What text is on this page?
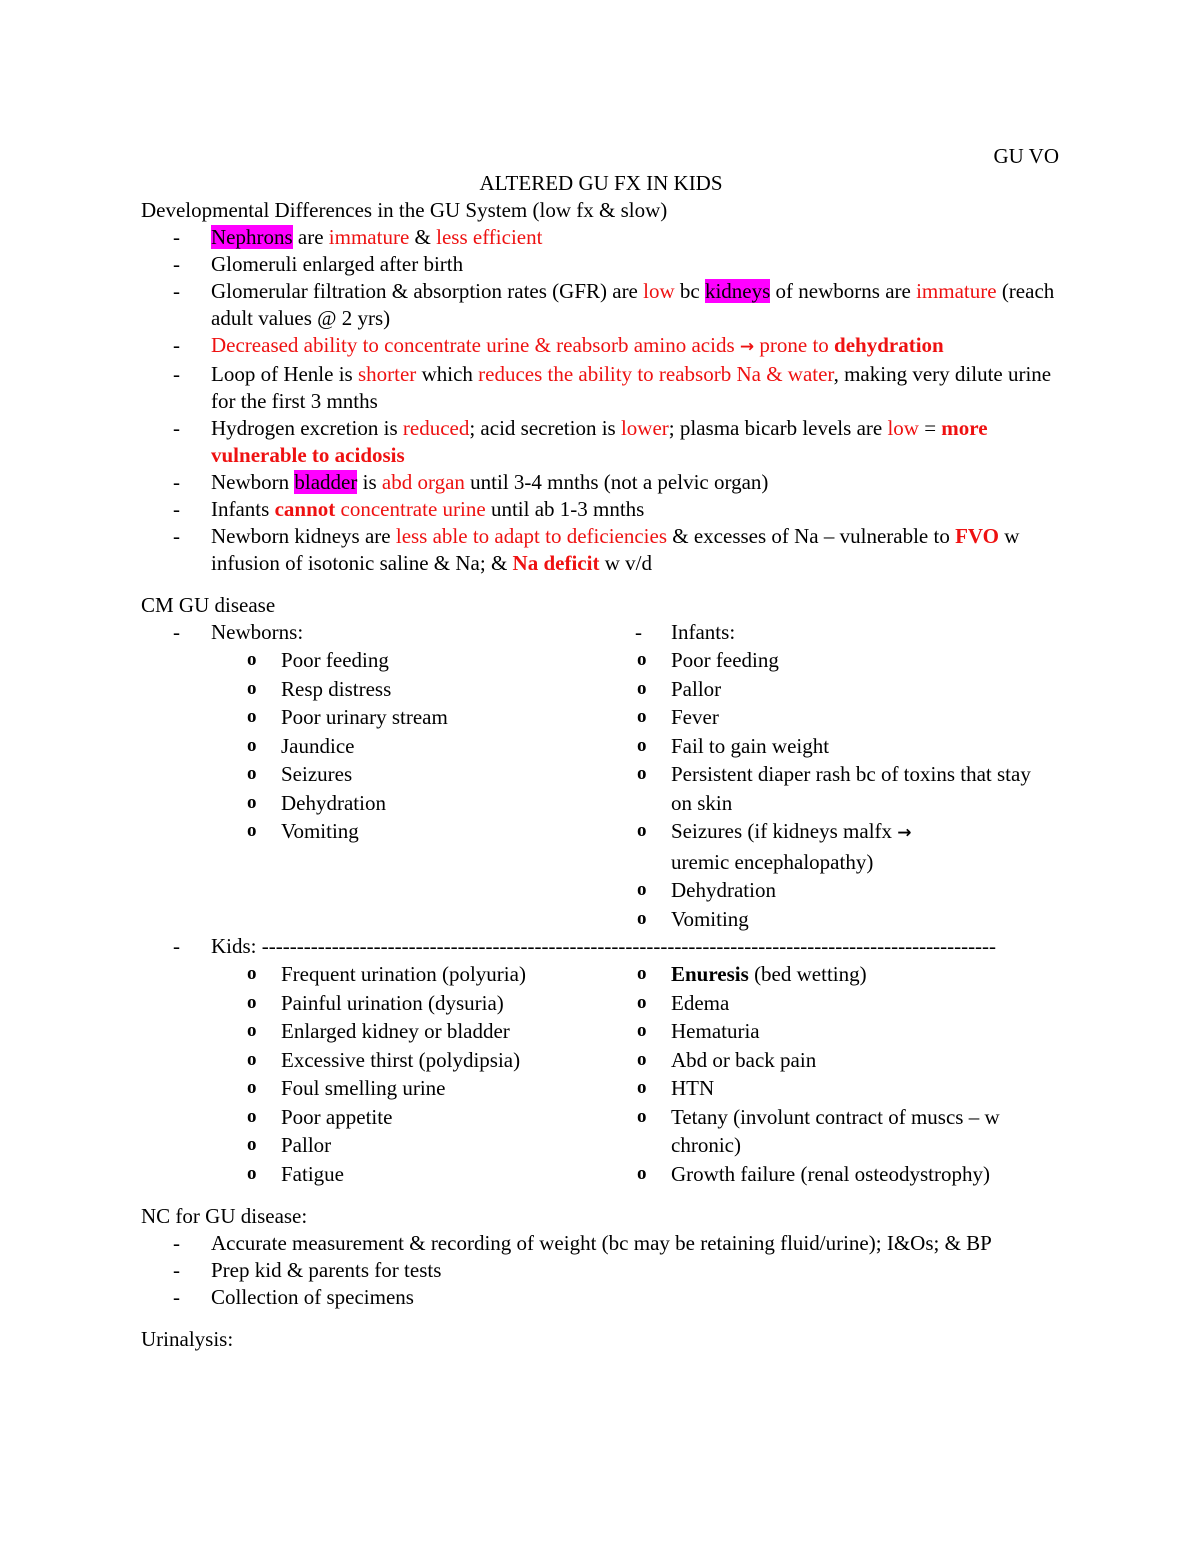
GU VO
ALTERED GU FX IN KIDS
Developmental Differences in the GU System (low fx & slow)
- Nephrons are immature & less efficient
- Glomeruli enlarged after birth
- Glomerular filtration & absorption rates (GFR) are low bc kidneys of newborns are immature (reach adult values @ 2 yrs)
- Decreased ability to concentrate urine & reabsorb amino acids → prone to dehydration
- Loop of Henle is shorter which reduces the ability to reabsorb Na & water, making very dilute urine for the first 3 mnths
- Hydrogen excretion is reduced; acid secretion is lower; plasma bicarb levels are low = more vulnerable to acidosis
- Newborn bladder is abd organ until 3-4 mnths (not a pelvic organ)
- Infants cannot concentrate urine until ab 1-3 mnths
- Newborn kidneys are less able to adapt to deficiencies & excesses of Na – vulnerable to FVO w infusion of isotonic saline & Na; & Na deficit w v/d
CM GU disease
- Newborns:
o Poor feeding
o Resp distress
o Poor urinary stream
o Jaundice
o Seizures
o Dehydration
o Vomiting
- Infants:
o Poor feeding
o Pallor
o Fever
o Fail to gain weight
o Persistent diaper rash bc of toxins that stay on skin
o Seizures (if kidneys malfx →
uremic encephalopathy)
o Dehydration
o Vomiting
- Kids: ---------------------------------------------------------------------------------------------------------
o Frequent urination (polyuria)
o Painful urination (dysuria)
o Enlarged kidney or bladder
o Excessive thirst (polydipsia)
o Foul smelling urine
o Poor appetite
o Pallor
o Fatigue
o Enuresis (bed wetting)
o Edema
o Hematuria
o Abd or back pain
o HTN
o Tetany (involunt contract of muscs – w chronic)
o Growth failure (renal osteodystrophy)
NC for GU disease:
- Accurate measurement & recording of weight (bc may be retaining fluid/urine); I&Os; & BP
- Prep kid & parents for tests
- Collection of specimens
Urinalysis:
